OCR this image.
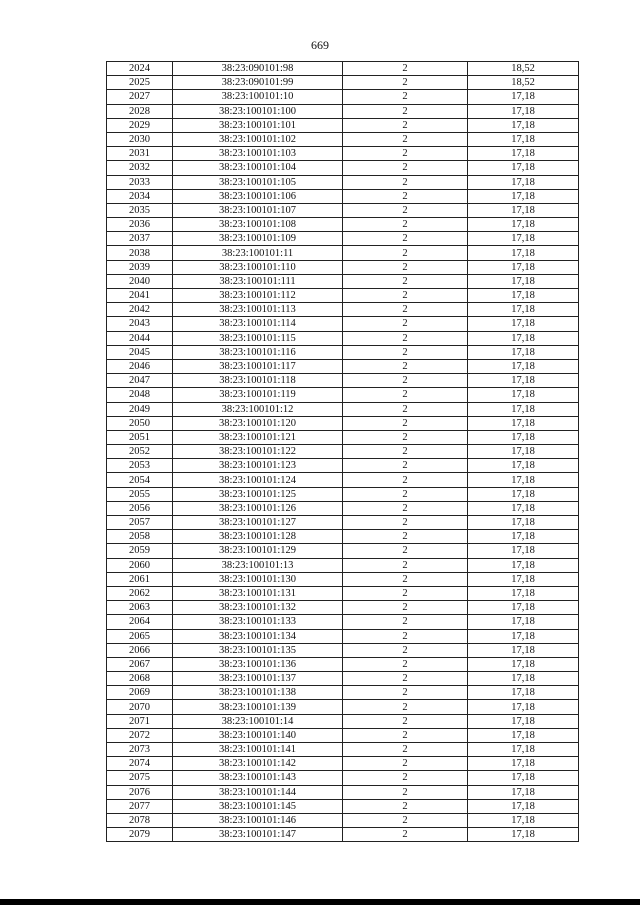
669
2024	38:23:090101:98	2	18,52
2025	38:23:090101:99	2	18,52
2027	38:23:100101:10	2	17,18
2028	38:23:100101:100	2	17,18
2029	38:23:100101:101	2	17,18
2030	38:23:100101:102	2	17,18
2031	38:23:100101:103	2	17,18
2032	38:23:100101:104	2	17,18
2033	38:23:100101:105	2	17,18
2034	38:23:100101:106	2	17,18
2035	38:23:100101:107	2	17,18
2036	38:23:100101:108	2	17,18
2037	38:23:100101:109	2	17,18
2038	38:23:100101:11	2	17,18
2039	38:23:100101:110	2	17,18
2040	38:23:100101:111	2	17,18
2041	38:23:100101:112	2	17,18
2042	38:23:100101:113	2	17,18
2043	38:23:100101:114	2	17,18
2044	38:23:100101:115	2	17,18
2045	38:23:100101:116	2	17,18
2046	38:23:100101:117	2	17,18
2047	38:23:100101:118	2	17,18
2048	38:23:100101:119	2	17,18
2049	38:23:100101:12	2	17,18
2050	38:23:100101:120	2	17,18
2051	38:23:100101:121	2	17,18
2052	38:23:100101:122	2	17,18
2053	38:23:100101:123	2	17,18
2054	38:23:100101:124	2	17,18
2055	38:23:100101:125	2	17,18
2056	38:23:100101:126	2	17,18
2057	38:23:100101:127	2	17,18
2058	38:23:100101:128	2	17,18
2059	38:23:100101:129	2	17,18
2060	38:23:100101:13	2	17,18
2061	38:23:100101:130	2	17,18
2062	38:23:100101:131	2	17,18
2063	38:23:100101:132	2	17,18
2064	38:23:100101:133	2	17,18
2065	38:23:100101:134	2	17,18
2066	38:23:100101:135	2	17,18
2067	38:23:100101:136	2	17,18
2068	38:23:100101:137	2	17,18
2069	38:23:100101:138	2	17,18
2070	38:23:100101:139	2	17,18
2071	38:23:100101:14	2	17,18
2072	38:23:100101:140	2	17,18
2073	38:23:100101:141	2	17,18
2074	38:23:100101:142	2	17,18
2075	38:23:100101:143	2	17,18
2076	38:23:100101:144	2	17,18
2077	38:23:100101:145	2	17,18
2078	38:23:100101:146	2	17,18
2079	38:23:100101:147	2	17,18
